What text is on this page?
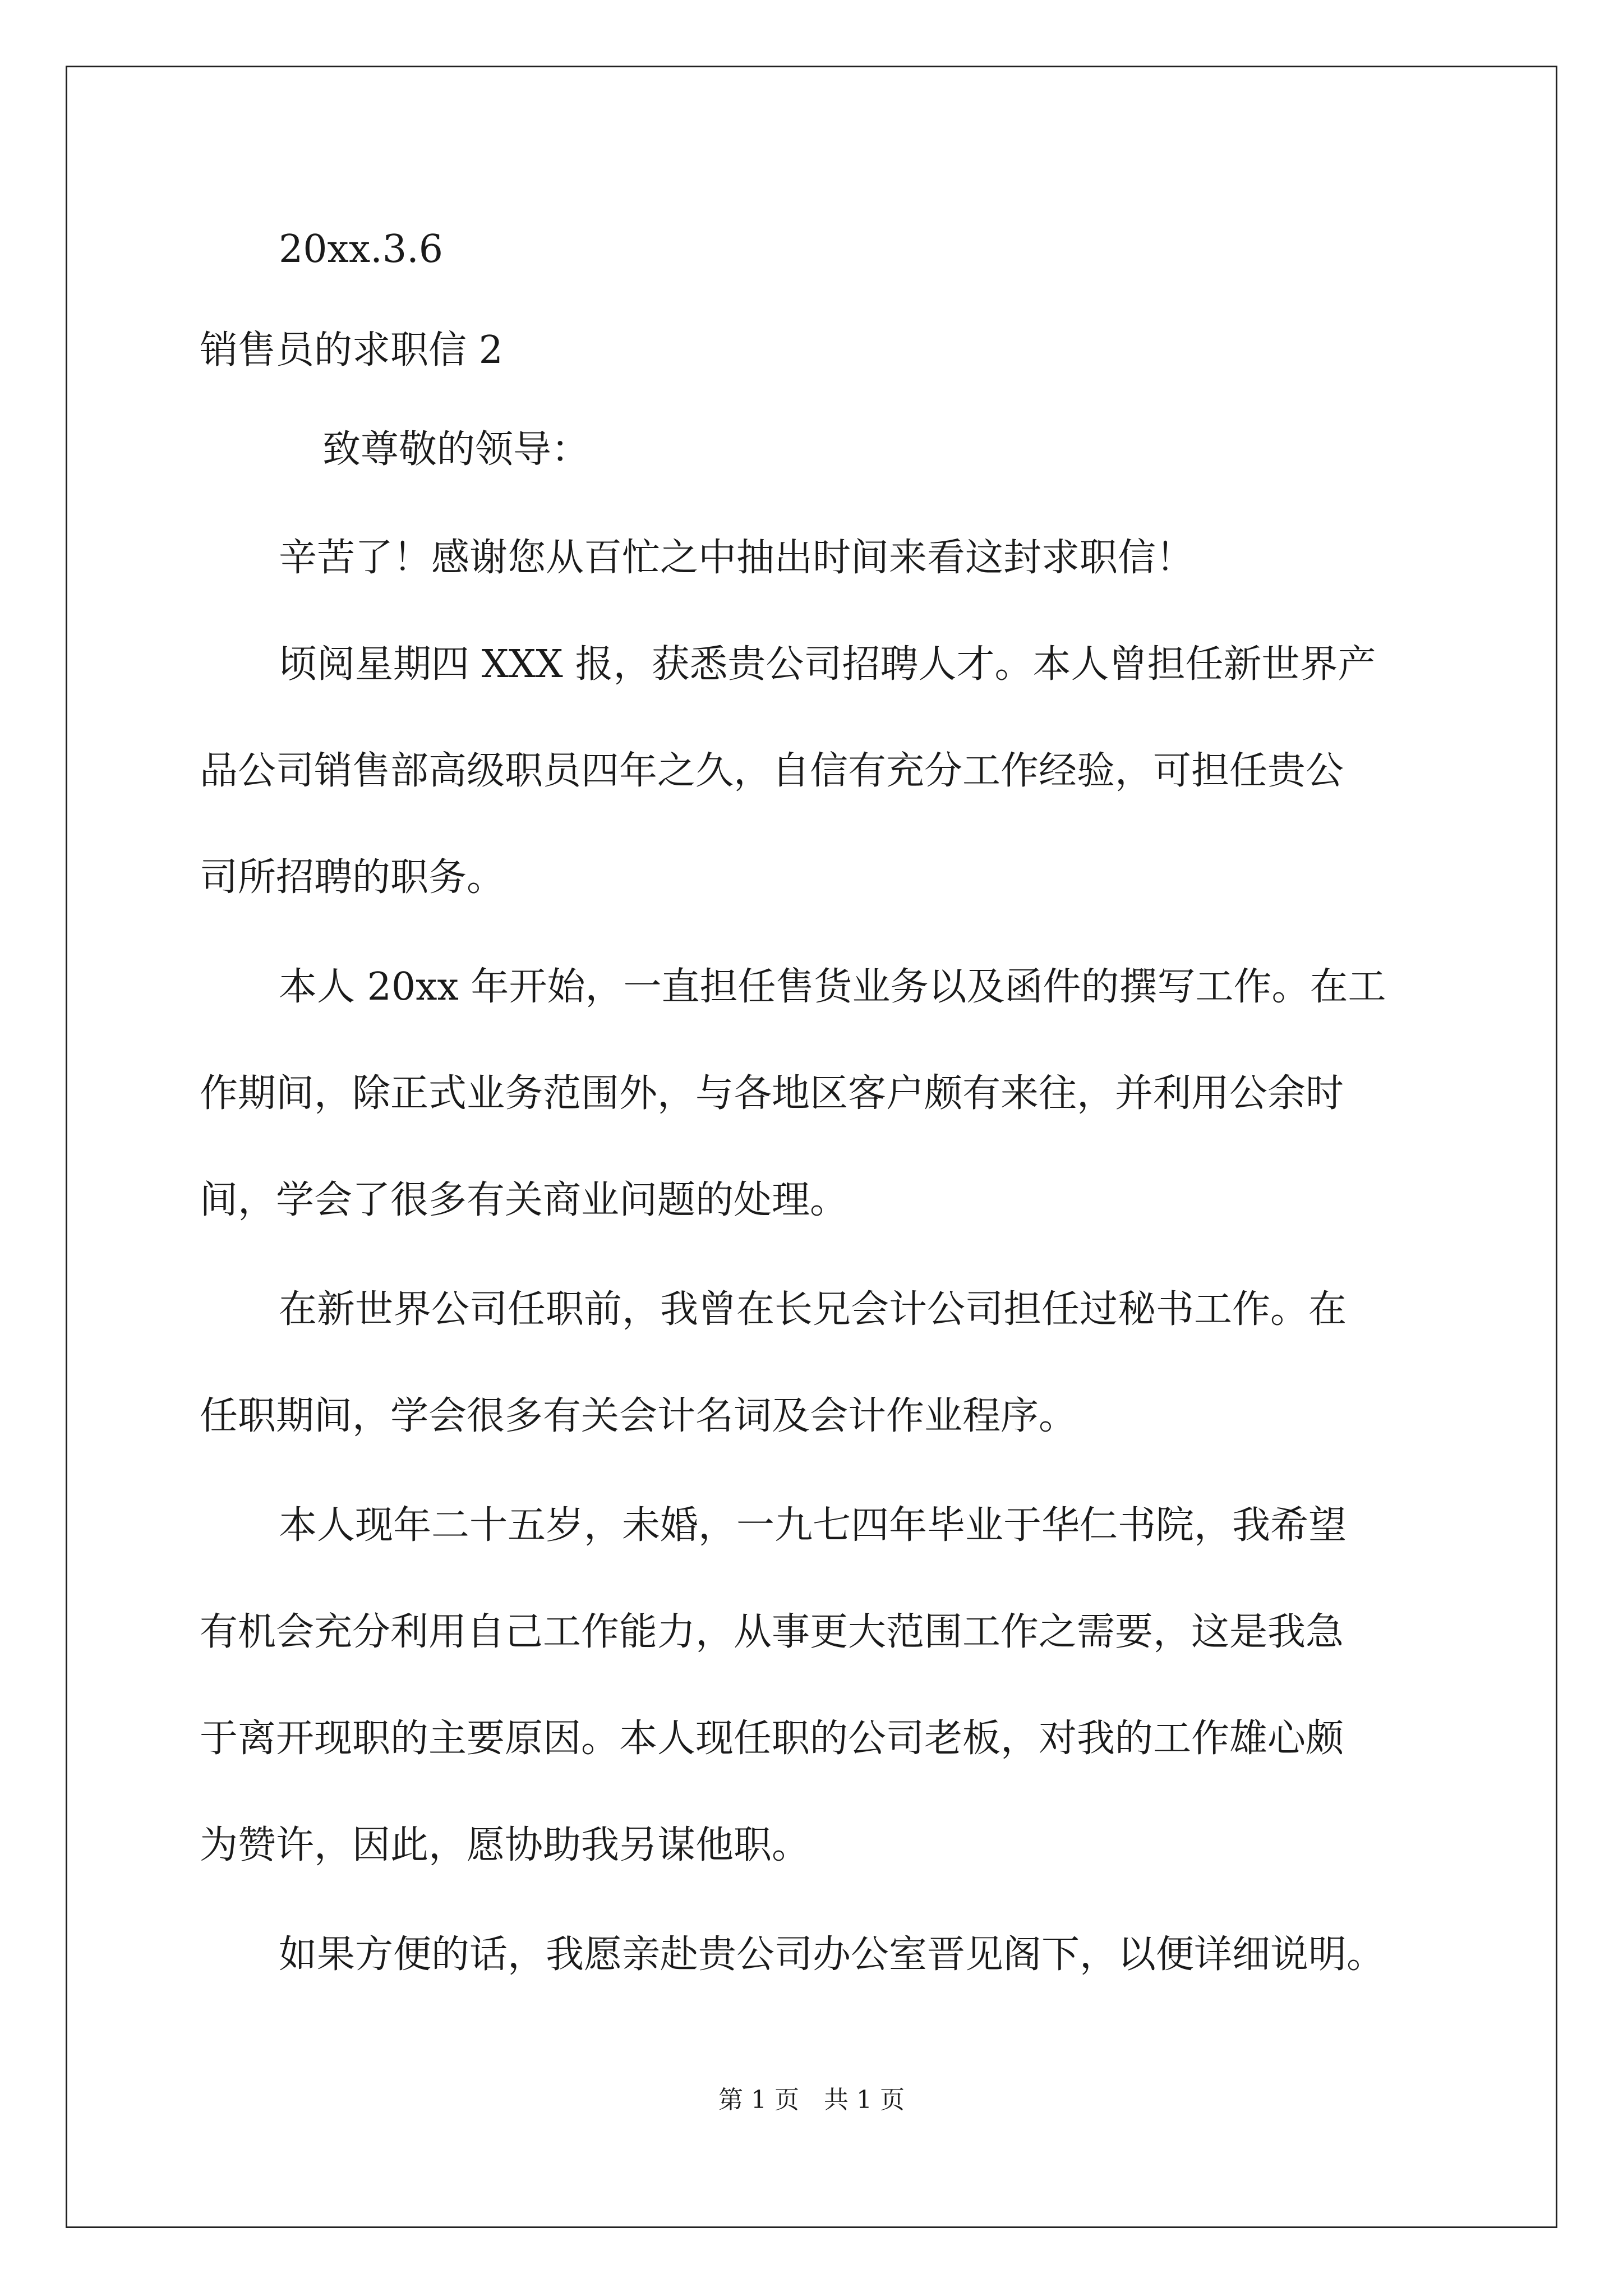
20xx.3.6

销售员的求职信 2

致尊敬的领导：

辛苦了！感谢您从百忙之中抽出时间来看这封求职信！

顷阅星期四 XXX 报，获悉贵公司招聘人才。本人曾担任新世界产

品公司销售部高级职员四年之久，自信有充分工作经验，可担任贵公

司所招聘的职务。

本人 20xx 年开始，一直担任售货业务以及函件的撰写工作。在工

作期间，除正式业务范围外，与各地区客户颇有来往，并利用公余时

间，学会了很多有关商业问题的处理。

在新世界公司任职前，我曾在长兄会计公司担任过秘书工作。在

任职期间，学会很多有关会计名词及会计作业程序。

本人现年二十五岁，未婚，一九七四年毕业于华仁书院，我希望

有机会充分利用自己工作能力，从事更大范围工作之需要，这是我急

于离开现职的主要原因。本人现任职的公司老板，对我的工作雄心颇

为赞许，因此，愿协助我另谋他职。

如果方便的话，我愿亲赴贵公司办公室晋见阁下，以便详细说明。

第 1 页　共 1 页
